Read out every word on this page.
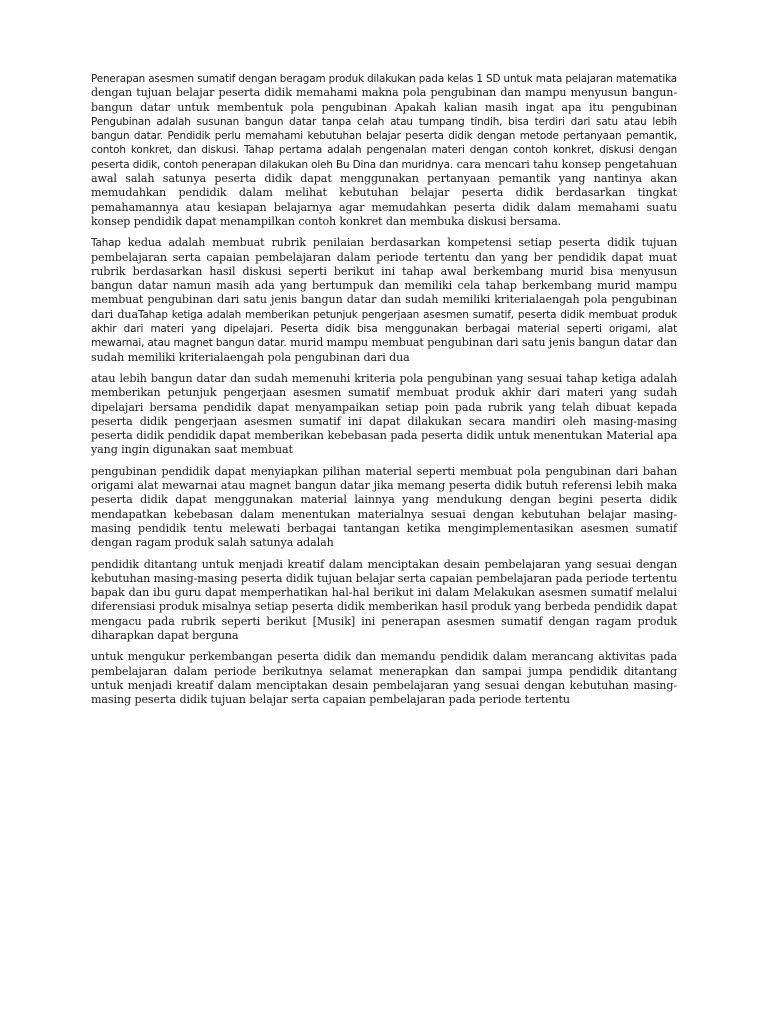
Penerapan asesmen sumatif dengan beragam produk dilakukan pada kelas 1 SD untuk mata pelajaran matematika dengan tujuan belajar peserta didik memahami makna pola pengubinan dan mampu menyusun bangun-bangun datar untuk membentuk pola pengubinan Apakah kalian masih ingat apa itu pengubinan Pengubinan adalah susunan bangun datar tanpa celah atau tumpang tindih, bisa terdiri dari satu atau lebih bangun datar. Pendidik perlu memahami kebutuhan belajar peserta didik dengan metode pertanyaan pemantik, contoh konkret, dan diskusi. Tahap pertama adalah pengenalan materi dengan contoh konkret, diskusi dengan peserta didik, contoh penerapan dilakukan oleh Bu Dina dan muridnya. cara mencari tahu konsep pengetahuan awal salah satunya peserta didik dapat menggunakan pertanyaan pemantik yang nantinya akan memudahkan pendidik dalam melihat kebutuhan belajar peserta didik berdasarkan tingkat pemahamannya atau kesiapan belajarnya agar memudahkan peserta didik dalam memahami suatu konsep pendidik dapat menampilkan contoh konkret dan membuka diskusi bersama.

Tahap kedua adalah membuat rubrik penilaian berdasarkan kompetensi setiap peserta didik tujuan pembelajaran serta capaian pembelajaran dalam periode tertentu dan yang ber pendidik dapat muat rubrik berdasarkan hasil diskusi seperti berikut ini tahap awal berkembang murid bisa menyusun bangun datar namun masih ada yang bertumpuk dan memiliki cela tahap berkembang murid mampu membuat pengubinan dari satu jenis bangun datar dan sudah memiliki kriterialaengah pola pengubinan dari duaTahap ketiga adalah memberikan petunjuk pengerjaan asesmen sumatif, peserta didik membuat produk akhir dari materi yang dipelajari. Peserta didik bisa menggunakan berbagai material seperti origami, alat mewarnai, atau magnet bangun datar. murid mampu membuat pengubinan dari satu jenis bangun datar dan sudah memiliki kriterialaengah pola pengubinan dari dua

atau lebih bangun datar dan sudah memenuhi kriteria pola pengubinan yang sesuai tahap ketiga adalah memberikan petunjuk pengerjaan asesmen sumatif membuat produk akhir dari materi yang sudah dipelajari bersama pendidik dapat menyampaikan setiap poin pada rubrik yang telah dibuat kepada peserta didik pengerjaan asesmen sumatif ini dapat dilakukan secara mandiri oleh masing-masing peserta didik pendidik dapat memberikan kebebasan pada peserta didik untuk menentukan Material apa yang ingin digunakan saat membuat

pengubinan pendidik dapat menyiapkan pilihan material seperti membuat pola pengubinan dari bahan origami alat mewarnai atau magnet bangun datar jika memang peserta didik butuh referensi lebih maka peserta didik dapat menggunakan material lainnya yang mendukung dengan begini peserta didik mendapatkan kebebasan dalam menentukan materialnya sesuai dengan kebutuhan belajar masing-masing pendidik tentu melewati berbagai tantangan ketika mengimplementasikan asesmen sumatif dengan ragam produk salah satunya adalah

pendidik ditantang untuk menjadi kreatif dalam menciptakan desain pembelajaran yang sesuai dengan kebutuhan masing-masing peserta didik tujuan belajar serta capaian pembelajaran pada periode tertentu bapak dan ibu guru dapat memperhatikan hal-hal berikut ini dalam Melakukan asesmen sumatif melalui diferensiasi produk misalnya setiap peserta didik memberikan hasil produk yang berbeda pendidik dapat mengacu pada rubrik seperti berikut [Musik] ini penerapan asesmen sumatif dengan ragam produk diharapkan dapat berguna

untuk mengukur perkembangan peserta didik dan memandu pendidik dalam merancang aktivitas pada pembelajaran dalam periode berikutnya selamat menerapkan dan sampai jumpa pendidik ditantang untuk menjadi kreatif dalam menciptakan desain pembelajaran yang sesuai dengan kebutuhan masing-masing peserta didik tujuan belajar serta capaian pembelajaran pada periode tertentu
